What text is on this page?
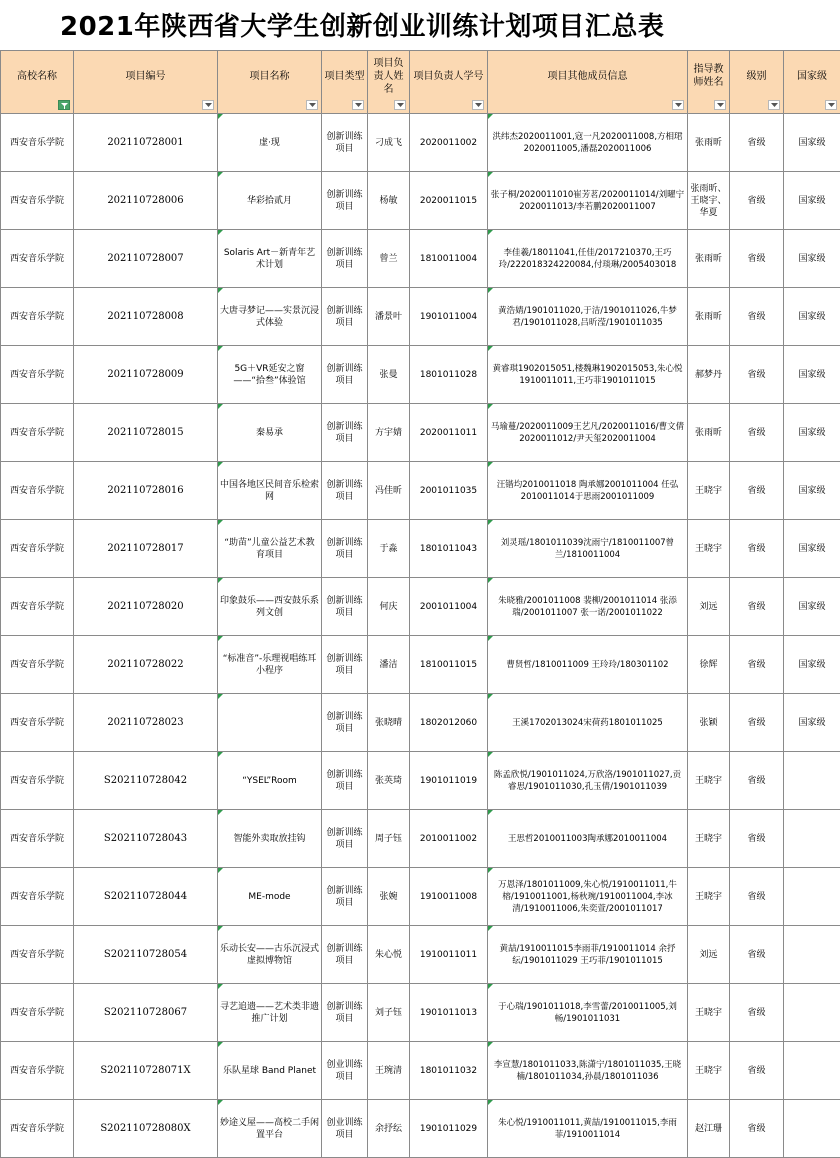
2021年陕西省大学生创新创业训练计划项目汇总表
高校名称	项目编号	项目名称	项目类型	项目负责人姓名	项目负责人学号	项目其他成员信息	指导教师姓名	级别	国家级

西安音乐学院	202110728001	虚·现	创新训练项目	刁成飞	2020011002	洪纬杰2020011001,寇一凡2020011008,方相珺2020011005,潘磊2020011006	张雨昕	省级	国家级
西安音乐学院	202110728006	华彩拾贰月	创新训练项目	杨敏	2020011015	张子桐/2020011010崔芳茗/2020011014/刘曜宁2020011013/李若鹏2020011007	张雨昕、王晓宇、华夏	省级	国家级
西安音乐学院	202110728007	Solaris Art－新青年艺术计划	创新训练项目	曾兰	1810011004	李佳羲/18011041,任佳/2017210370,王巧玲/222018324220084,付琰琳/2005403018	张雨昕	省级	国家级
西安音乐学院	202110728008	大唐寻梦记——实景沉浸式体验	创新训练项目	潘景叶	1901011004	黄浩婧/1901011020,于洁/1901011026,牛梦君/1901011028,吕昕滢/1901011035	张雨昕	省级	国家级
西安音乐学院	202110728009	5G＋VR延安之窗——“拾叁”体验馆	创新训练项目	张曼	1801011028	黄睿琪1902015051,楼魏琳1902015053,朱心悦1910011011,王巧菲1901011015	郝梦丹	省级	国家级
西安音乐学院	202110728015	秦易承	创新训练项目	方宇婧	2020011011	马瑜蔓/2020011009王艺凡/2020011016/曹文倩2020011012/尹天玺2020011004	张雨昕	省级	国家级
西安音乐学院	202110728016	中国各地区民间音乐检索网	创新训练项目	冯佳昕	2001011035	汪锴均2010011018 陶承娜2001011004 任弘2010011014于思雨2001011009	王晓宇	省级	国家级
西安音乐学院	202110728017	“助苗”儿童公益艺术教育项目	创新训练项目	于淼	1801011043	刘灵瑶/1801011039沈雨宁/1810011007曾兰/1810011004	王晓宇	省级	国家级
西安音乐学院	202110728020	印象鼓乐——西安鼓乐系列文创	创新训练项目	何庆	2001011004	朱晓雅/2001011008 裴柳/2001011014 张添瑞/2001011007 张一诺/2001011022	刘远	省级	国家级
西安音乐学院	202110728022	“标准音”-乐理视唱练耳小程序	创新训练项目	潘洁	1810011015	曹贤哲/1810011009 王玲玲/180301102	徐辉	省级	国家级
西安音乐学院	202110728023		创新训练项目	张晓晴	1802012060	王溪1702013024宋荷药1801011025	张颖	省级	国家级
西安音乐学院	S202110728042	“YSEL”Room	创新训练项目	张英琦	1901011019	陈孟欣悦/1901011024,万欣洛/1901011027,贡睿思/1901011030,孔玉倩/1901011039	王晓宇	省级	
西安音乐学院	S202110728043	智能外卖取放挂钩	创新训练项目	周子钰	2010011002	王思哲2010011003陶承娜2010011004	王晓宇	省级	
西安音乐学院	S202110728044	ME-mode	创新训练项目	张婉	1910011008	万恩泽/1801011009,朱心悦/1910011011,牛榕/1910011001,杨秋琬/1910011004,李冰清/1910011006,朱奕萱/2001011017	王晓宇	省级	
西安音乐学院	S202110728054	乐动长安——古乐沉浸式虚拟博物馆	创新训练项目	朱心悦	1910011011	黄喆/1910011015李雨菲/1910011014 余抒纭/1901011029 王巧菲/1901011015	刘远	省级	
西安音乐学院	S202110728067	寻艺追遗——艺术类非遗推广计划	创新训练项目	刘子钰	1901011013	于心瑞/1901011018,李雪蕾/2010011005,刘畅/1901011031	王晓宇	省级	
西安音乐学院	S202110728071X	乐队星球 Band Planet	创业训练项目	王琬清	1801011032	李宣慧/1801011033,陈潇宁/1801011035,王晓楠/1801011034,孙晨/1801011036	王晓宇	省级	
西安音乐学院	S202110728080X	妙途义屋——高校二手闲置平台	创业训练项目	余抒纭	1901011029	朱心悦/1910011011,黄喆/1910011015,李雨菲/1910011014	赵江珊	省级	
